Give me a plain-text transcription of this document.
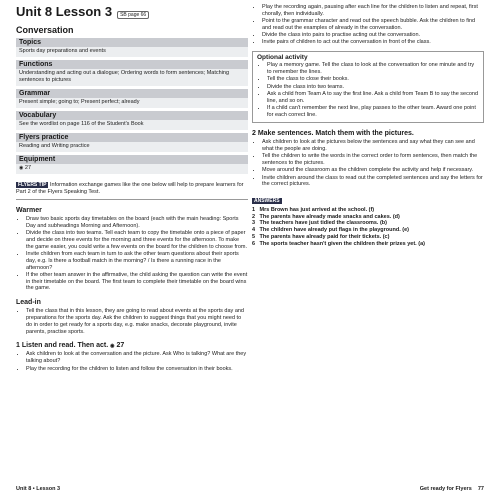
Unit 8 Lesson 3	SB page 66
Conversation
Topics
Sports day preparations and events
Functions
Understanding and acting out a dialogue; Ordering words to form sentences; Matching sentences to pictures
Grammar
Present simple; going to; Present perfect; already
Vocabulary
See the wordlist on page 116 of the Student's Book
Flyers practice
Reading and Writing practice
Equipment
◉ 27
FLYERS TIP Information exchange games like the one below will help to prepare learners for Part 2 of the Flyers Speaking Test.
Warmer
• Draw two basic sports day timetables on the board (each with the main heading: Sports Day and subheadings Morning and Afternoon).
• Divide the class into two teams. Tell each team to copy the timetable onto a piece of paper and decide on three events for the morning and three events for the afternoon. To make the game easier, you could write a few events on the board for the children to choose from.
• Invite children from each team in turn to ask the other team questions about their sports day, e.g. Is there a football match in the morning? / Is there a running race in the afternoon?
• If the other team answer in the affirmative, the child asking the question can write the event in their timetable on the board. The first team to complete their timetable on the board wins the game.
Lead-in
• Tell the class that in this lesson, they are going to read about events at the sports day and preparations for the sports day. Ask the children to suggest things that you might need to do in order to get ready for a sports day, e.g. make snacks, decorate playground, invite parents, practise sports.
1 Listen and read. Then act. ◉ 27
• Ask children to look at the conversation and the picture. Ask Who is talking? What are they talking about?
• Play the recording for the children to listen and follow the conversation in their books.
• Play the recording again, pausing after each line for the children to listen and repeat, first chorally, then individually.
• Point to the grammar character and read out the speech bubble. Ask the children to find and read out the examples of already in the conversation.
• Divide the class into pairs to practise acting out the conversation.
• Invite pairs of children to act out the conversation in front of the class.
Optional activity
• Play a memory game. Tell the class to look at the conversation for one minute and try to remember the lines.
• Tell the class to close their books.
• Divide the class into two teams.
• Ask a child from Team A to say the first line. Ask a child from Team B to say the second line, and so on.
• If a child can't remember the next line, play passes to the other team. Award one point for each correct line.
2 Make sentences. Match them with the pictures.
• Ask children to look at the pictures below the sentences and say what they can see and what the people are doing.
• Tell the children to write the words in the correct order to form sentences, then match the sentences to the pictures.
• Move around the classroom as the children complete the activity and help if necessary.
• Invite children around the class to read out the completed sentences and say the letters for the correct pictures.
ANSWERS
1 Mrs Brown has just arrived at the school. (f)
2 The parents have already made snacks and cakes. (d)
3 The teachers have just tidied the classrooms. (b)
4 The children have already put flags in the playground. (e)
5 The parents have already paid for their tickets. (c)
6 The sports teacher hasn't given the children their prizes yet. (a)
Unit 8 • Lesson 3	Get ready for Flyers 77
